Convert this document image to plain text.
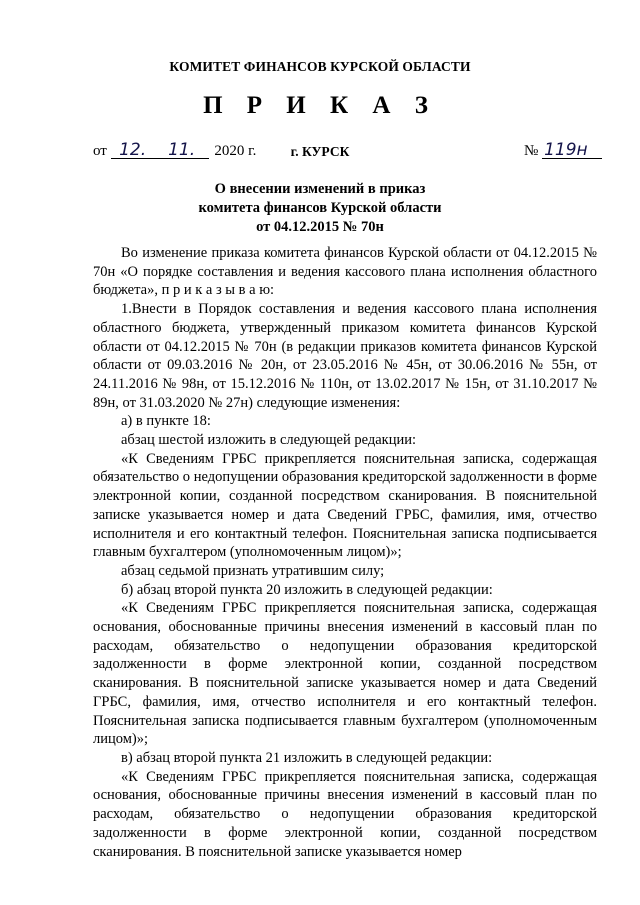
КОМИТЕТ ФИНАНСОВ КУРСКОЙ ОБЛАСТИ
П Р И К А З
от 12. 11. 2020 г.	г. КУРСК	№ 119н
О внесении изменений в приказ
комитета финансов Курской области
от 04.12.2015 № 70н

Во изменение приказа комитета финансов Курской области от 04.12.2015 № 70н «О порядке составления и ведения кассового плана исполнения областного бюджета», п р и к а з ы в а ю:

1.Внести в Порядок составления и ведения кассового плана исполнения областного бюджета, утвержденный приказом комитета финансов Курской области от 04.12.2015 № 70н (в редакции приказов комитета финансов Курской области от 09.03.2016 № 20н, от 23.05.2016 № 45н, от 30.06.2016 № 55н, от 24.11.2016 № 98н, от 15.12.2016 № 110н, от 13.02.2017 № 15н, от 31.10.2017 № 89н, от 31.03.2020 № 27н) следующие изменения:

а) в пункте 18:

абзац шестой изложить в следующей редакции:

«К Сведениям ГРБС прикрепляется пояснительная записка, содержащая обязательство о недопущении образования кредиторской задолженности в форме электронной копии, созданной посредством сканирования. В пояснительной записке указывается номер и дата Сведений ГРБС, фамилия, имя, отчество исполнителя и его контактный телефон. Пояснительная записка подписывается главным бухгалтером (уполномоченным лицом)»;

абзац седьмой признать утратившим силу;

б) абзац второй пункта 20 изложить в следующей редакции:

«К Сведениям ГРБС прикрепляется пояснительная записка, содержащая основания, обоснованные причины внесения изменений в кассовый план по расходам, обязательство о недопущении образования кредиторской задолженности в форме электронной копии, созданной посредством сканирования. В пояснительной записке указывается номер и дата Сведений ГРБС, фамилия, имя, отчество исполнителя и его контактный телефон. Пояснительная записка подписывается главным бухгалтером (уполномоченным лицом)»;

в) абзац второй пункта 21 изложить в следующей редакции:

«К Сведениям ГРБС прикрепляется пояснительная записка, содержащая основания, обоснованные причины внесения изменений в кассовый план по расходам, обязательство о недопущении образования кредиторской задолженности в форме электронной копии, созданной посредством сканирования. В пояснительной записке указывается номер
